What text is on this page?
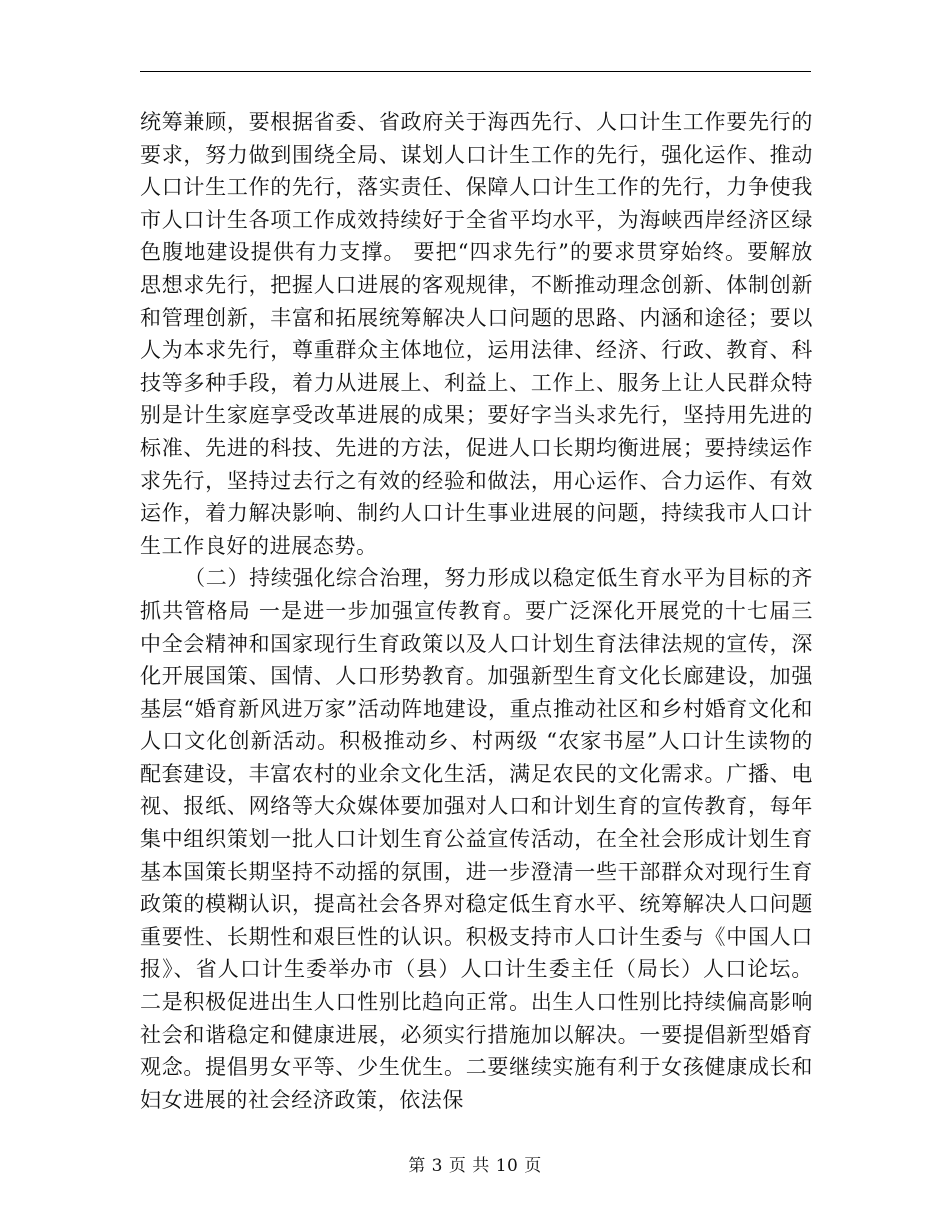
统筹兼顾，要根据省委、省政府关于海西先行、人口计生工作要先行的要求，努力做到围绕全局、谋划人口计生工作的先行，强化运作、推动人口计生工作的先行，落实责任、保障人口计生工作的先行，力争使我市人口计生各项工作成效持续好于全省平均水平，为海峡西岸经济区绿色腹地建设提供有力支撑。 要把“四求先行”的要求贯穿始终。要解放思想求先行，把握人口进展的客观规律，不断推动理念创新、体制创新和管理创新，丰富和拓展统筹解决人口问题的思路、内涵和途径；要以人为本求先行，尊重群众主体地位，运用法律、经济、行政、教育、科技等多种手段，着力从进展上、利益上、工作上、服务上让人民群众特别是计生家庭享受改革进展的成果；要好字当头求先行，坚持用先进的标准、先进的科技、先进的方法，促进人口长期均衡进展；要持续运作求先行，坚持过去行之有效的经验和做法，用心运作、合力运作、有效运作，着力解决影响、制约人口计生事业进展的问题，持续我市人口计生工作良好的进展态势。

（二）持续强化综合治理，努力形成以稳定低生育水平为目标的齐抓共管格局 一是进一步加强宣传教育。要广泛深化开展党的十七届三中全会精神和国家现行生育政策以及人口计划生育法律法规的宣传，深化开展国策、国情、人口形势教育。加强新型生育文化长廊建设，加强基层“婚育新风进万家”活动阵地建设，重点推动社区和乡村婚育文化和人口文化创新活动。积极推动乡、村两级 “农家书屋”人口计生读物的配套建设，丰富农村的业余文化生活，满足农民的文化需求。广播、电视、报纸、网络等大众媒体要加强对人口和计划生育的宣传教育，每年集中组织策划一批人口计划生育公益宣传活动，在全社会形成计划生育基本国策长期坚持不动摇的氛围，进一步澄清一些干部群众对现行生育政策的模糊认识，提高社会各界对稳定低生育水平、统筹解决人口问题重要性、长期性和艰巨性的认识。积极支持市人口计生委与《中国人口报》、省人口计生委举办市（县）人口计生委主任（局长）人口论坛。 二是积极促进出生人口性别比趋向正常。出生人口性别比持续偏高影响社会和谐稳定和健康进展，必须实行措施加以解决。一要提倡新型婚育观念。提倡男女平等、少生优生。二要继续实施有利于女孩健康成长和妇女进展的社会经济政策，依法保

第 3 页 共 10 页
